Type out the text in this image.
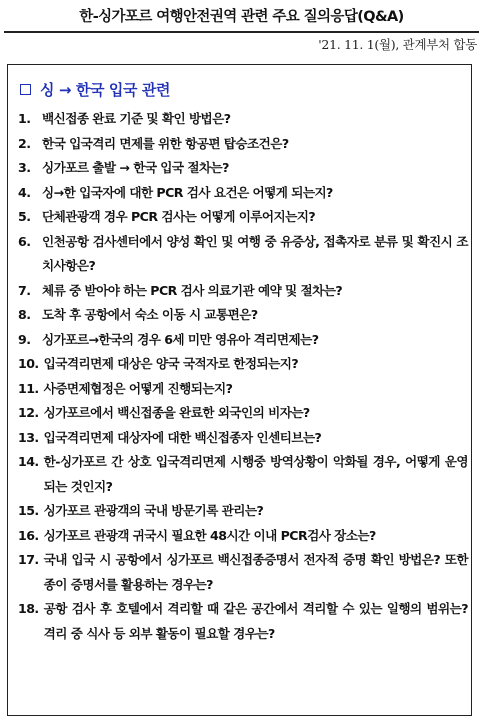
한-싱가포르 여행안전권역 관련 주요 질의응답(Q&A)
'21. 11. 1(월), 관계부처 합동
싱 → 한국 입국 관련
1. 백신접종 완료 기준 및 확인 방법은?
2. 한국 입국격리 면제를 위한 항공편 탑승조건은?
3. 싱가포르 출발 → 한국 입국 절차는?
4. 싱→한 입국자에 대한 PCR 검사 요건은 어떻게 되는지?
5. 단체관광객 경우 PCR 검사는 어떻게 이루어지는지?
6. 인천공항 검사센터에서 양성 확인 및 여행 중 유증상, 접촉자로 분류 및 확진시 조치사항은?
7. 체류 중 받아야 하는 PCR 검사 의료기관 예약 및 절차는?
8. 도착 후 공항에서 숙소 이동 시 교통편은?
9. 싱가포르→한국의 경우 6세 미만 영유아 격리면제는?
10. 입국격리면제 대상은 양국 국적자로 한정되는지?
11. 사증면제협정은 어떻게 진행되는지?
12. 싱가포르에서 백신접종을 완료한 외국인의 비자는?
13. 입국격리면제 대상자에 대한 백신접종자 인센티브는?
14. 한-싱가포르 간 상호 입국격리면제 시행중 방역상황이 악화될 경우, 어떻게 운영되는 것인지?
15. 싱가포르 관광객의 국내 방문기록 관리는?
16. 싱가포르 관광객 귀국시 필요한 48시간 이내 PCR검사 장소는?
17. 국내 입국 시 공항에서 싱가포르 백신접종증명서 전자적 증명 확인 방법은? 또한 종이 증명서를 활용하는 경우는?
18. 공항 검사 후 호텔에서 격리할 때 같은 공간에서 격리할 수 있는 일행의 범위는? 격리 중 식사 등 외부 활동이 필요할 경우는?
